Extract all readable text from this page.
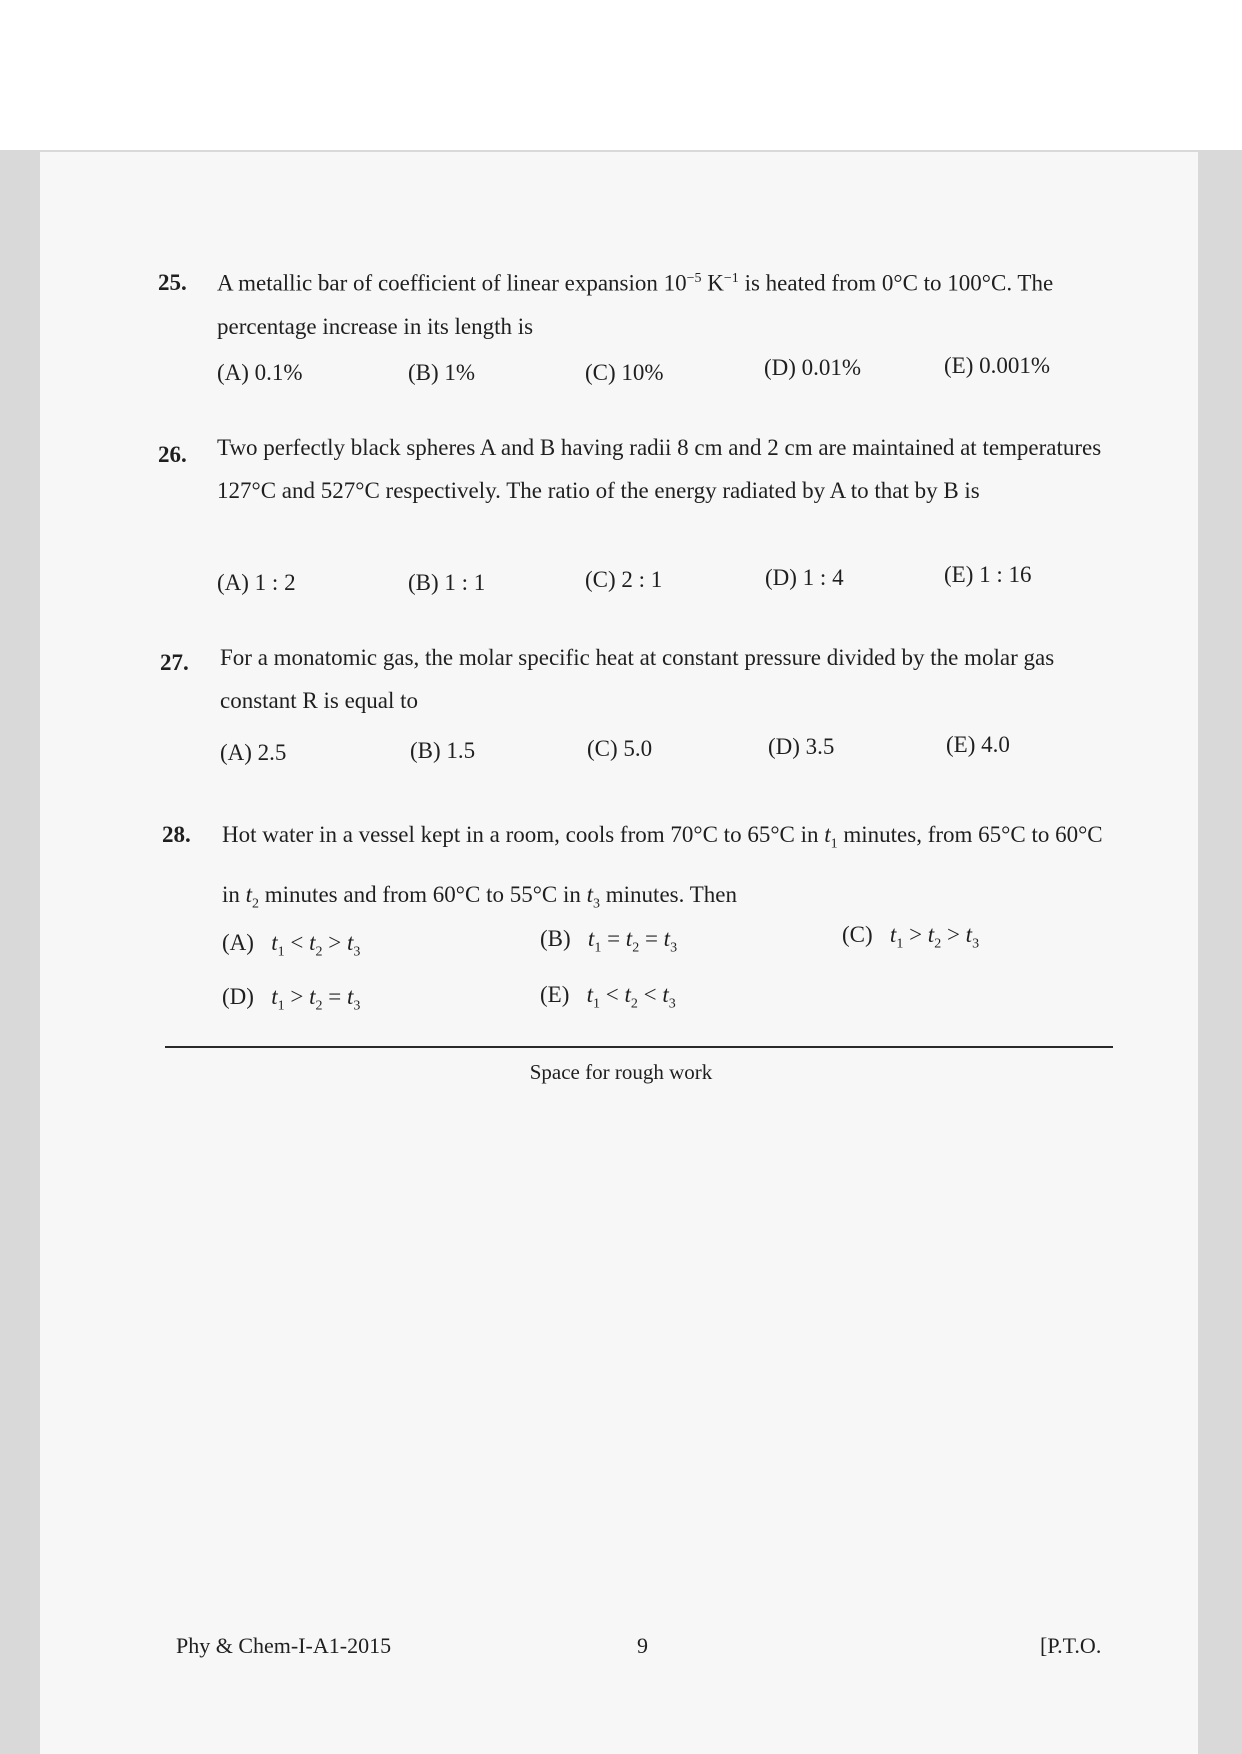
25. A metallic bar of coefficient of linear expansion $10^{-5}$ $K^{-1}$ is heated from 0°C to 100°C. The percentage increase in its length is
(A) 0.1%	(B) 1%	(C) 10%	(D) 0.01%	(E) 0.001%
26. Two perfectly black spheres A and B having radii 8 cm and 2 cm are maintained at temperatures 127°C and 527°C respectively. The ratio of the energy radiated by A to that by B is
(A) 1 : 2	(B) 1 : 1	(C) 2 : 1	(D) 1 : 4	(E) 1 : 16
27. For a monatomic gas, the molar specific heat at constant pressure divided by the molar gas constant R is equal to
(A) 2.5	(B) 1.5	(C) 5.0	(D) 3.5	(E) 4.0
28. Hot water in a vessel kept in a room, cools from 70°C to 65°C in $t_1$ minutes, from 65°C to 60°C in $t_2$ minutes and from 60°C to 55°C in $t_3$ minutes. Then
(A) $t_1 < t_2 > t_3$
(B) $t_1 = t_2 = t_3$
(C) $t_1 > t_2 > t_3$
(D) $t_1 > t_2 = t_3$	(E) $t_1 < t_2 < t_3$
Space for rough work
Phy & Chem-I-A1-2015	9	[P.T.O.
